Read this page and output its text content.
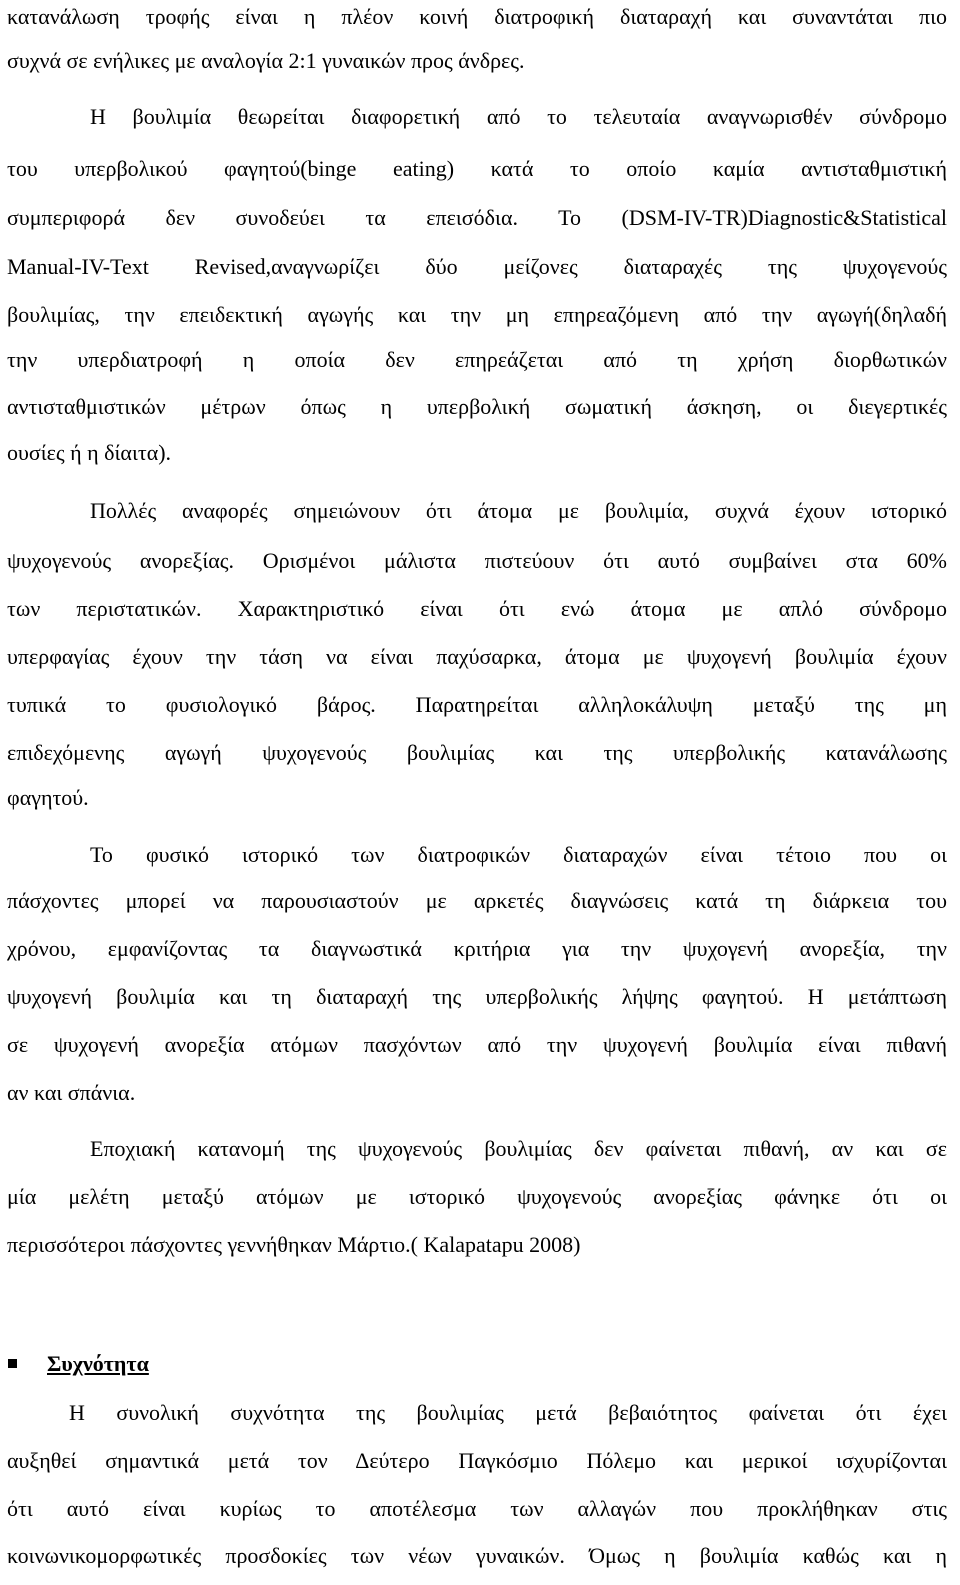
κατανάλωση τροφής είναι η πλέον κοινή διατροφική διαταραχή και συναντάται πιο
συχνά σε ενήλικες με αναλογία 2:1 γυναικών προς άνδρες.
Η βουλιμία θεωρείται διαφορετική από το τελευταία αναγνωρισθέν σύνδρομο
του υπερβολικού φαγητού(binge eating) κατά το οποίο καμία αντισταθμιστική
συμπεριφορά δεν συνοδεύει τα επεισόδια. Το (DSM-IV-TR)Diagnostic&Statistical
Manual-IV-Text Revised,αναγνωρίζει δύο μείζονες διαταραχές της ψυχογενούς
βουλιμίας, την επειδεκτική αγωγής και την μη επηρεαζόμενη από την αγωγή(δηλαδή
την υπερδιατροφή η οποία δεν επηρεάζεται από τη χρήση διορθωτικών
αντισταθμιστικών μέτρων όπως η υπερβολική σωματική άσκηση, οι διεγερτικές
ουσίες ή η δίαιτα).
Πολλές αναφορές σημειώνουν ότι άτομα με βουλιμία, συχνά έχουν ιστορικό
ψυχογενούς ανορεξίας. Ορισμένοι μάλιστα πιστεύουν ότι αυτό συμβαίνει στα 60%
των περιστατικών. Χαρακτηριστικό είναι ότι ενώ άτομα με απλό σύνδρομο
υπερφαγίας έχουν την τάση να είναι παχύσαρκα, άτομα με ψυχογενή βουλιμία έχουν
τυπικά το φυσιολογικό βάρος. Παρατηρείται αλληλοκάλυψη μεταξύ της μη
επιδεχόμενης αγωγή ψυχογενούς βουλιμίας και της υπερβολικής κατανάλωσης
φαγητού.
Το φυσικό ιστορικό των διατροφικών διαταραχών είναι τέτοιο που οι
πάσχοντες μπορεί να παρουσιαστούν με αρκετές διαγνώσεις κατά τη διάρκεια του
χρόνου, εμφανίζοντας τα διαγνωστικά κριτήρια για την ψυχογενή ανορεξία, την
ψυχογενή βουλιμία και τη διαταραχή της υπερβολικής λήψης φαγητού. Η μετάπτωση
σε ψυχογενή ανορεξία ατόμων πασχόντων από την ψυχογενή βουλιμία είναι πιθανή
αν και σπάνια.
Εποχιακή κατανομή της ψυχογενούς βουλιμίας δεν φαίνεται πιθανή, αν και σε
μία μελέτη μεταξύ ατόμων με ιστορικό ψυχογενούς ανορεξίας φάνηκε ότι οι
περισσότεροι πάσχοντες γεννήθηκαν Μάρτιο.( Kalapatapu 2008)
Συχνότητα
Η συνολική συχνότητα της βουλιμίας μετά βεβαιότητος φαίνεται ότι έχει
αυξηθεί σημαντικά μετά τον Δεύτερο Παγκόσμιο Πόλεμο και μερικοί ισχυρίζονται
ότι αυτό είναι κυρίως το αποτέλεσμα των αλλαγών που προκλήθηκαν στις
κοινωνικομορφωτικές προσδοκίες των νέων γυναικών. Όμως η βουλιμία καθώς και η
